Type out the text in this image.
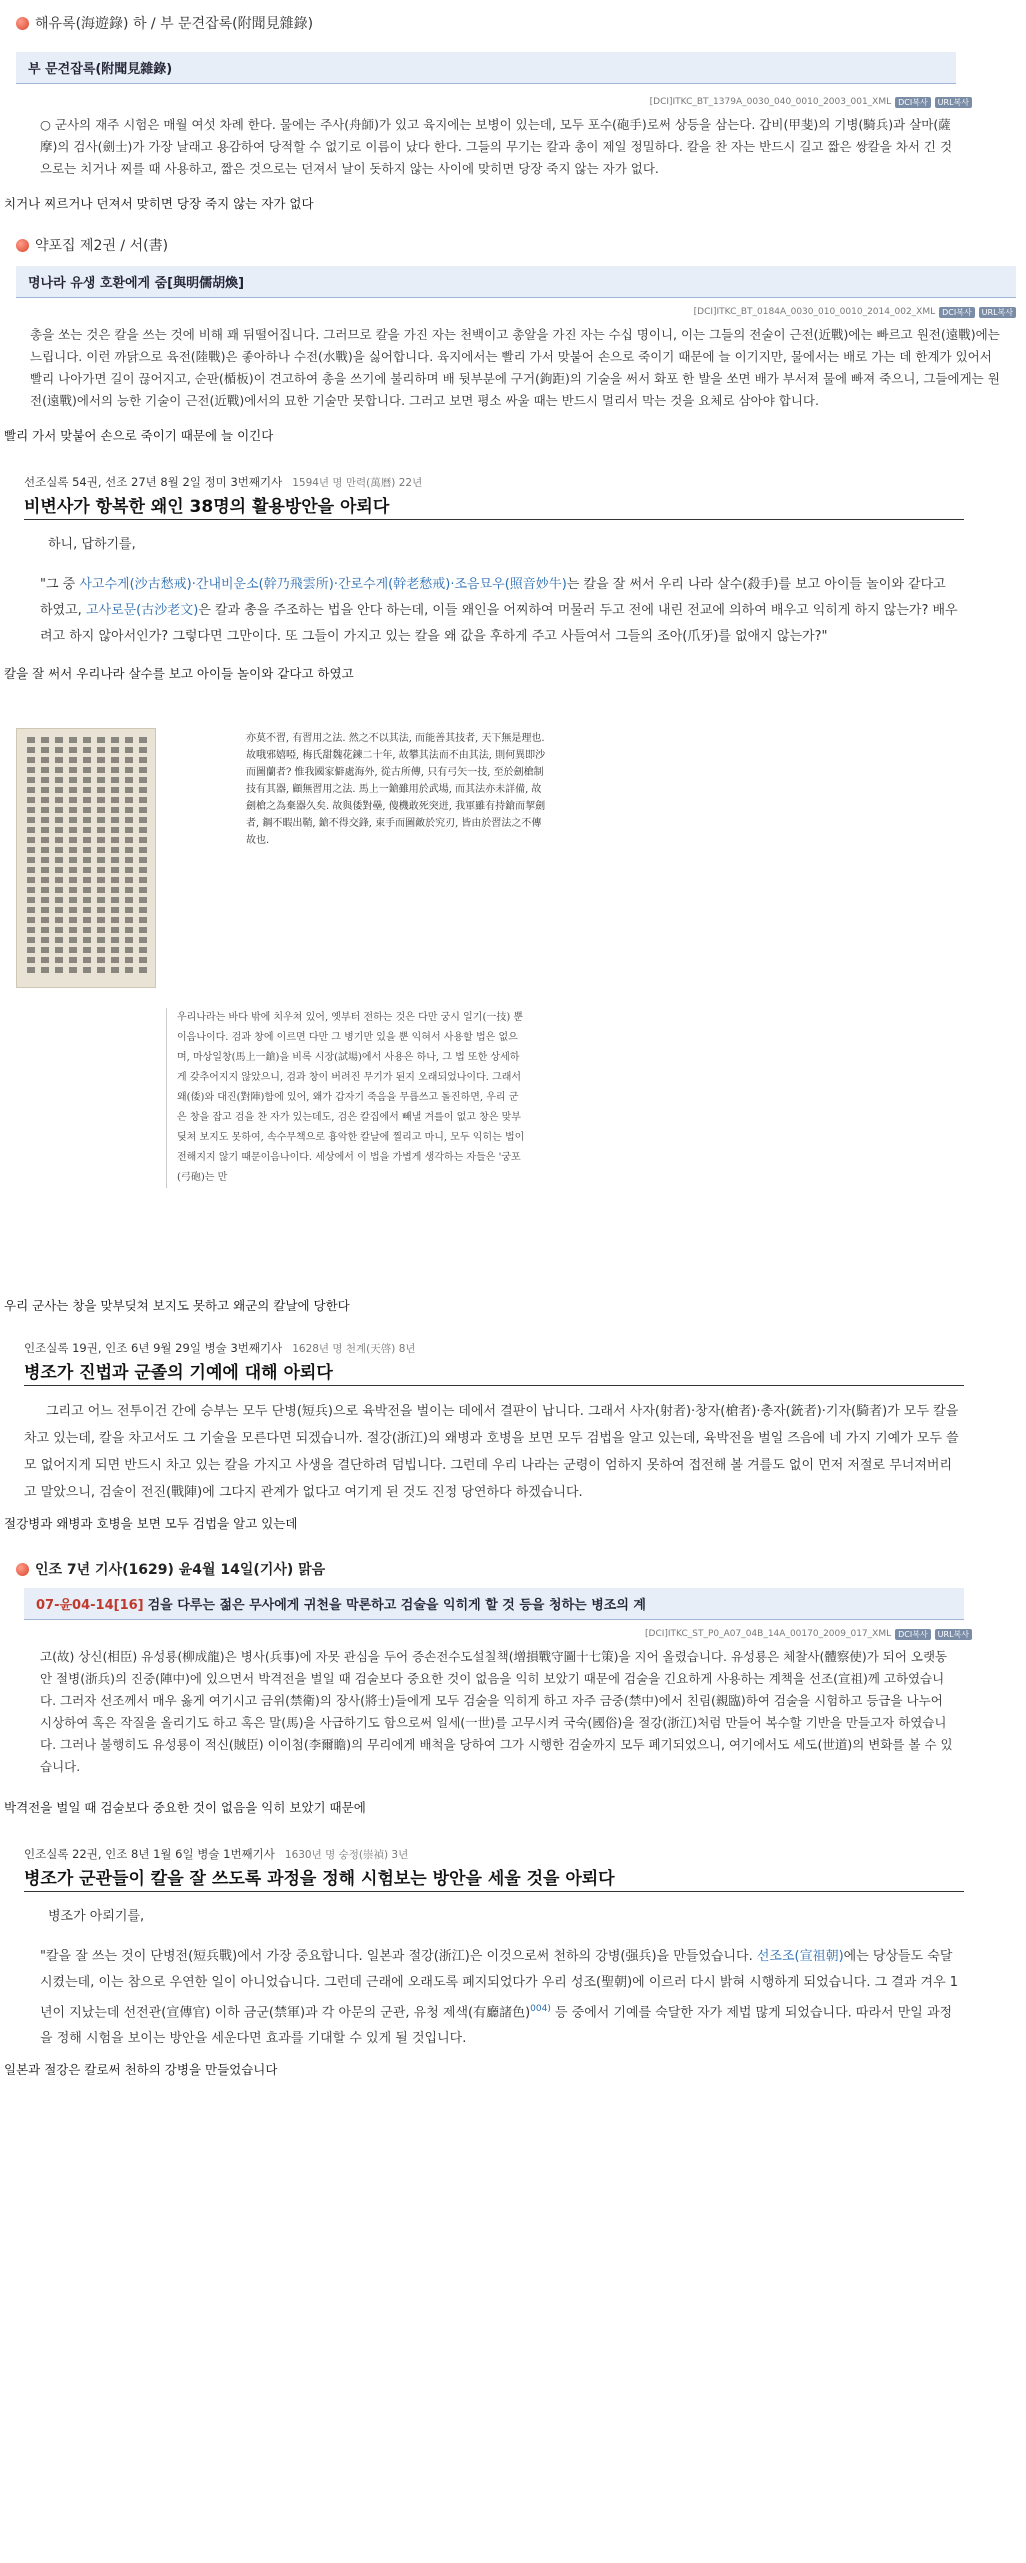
해유록(海遊錄) 하 / 부 문견잡록(附聞見雜錄)
부 문견잡록(附聞見雜錄)
[DCI]ITKC_BT_1379A_0030_040_0010_2003_001_XML DCI복사	URL복사
○ 군사의 재주 시험은 매월 여섯 차례 한다. 물에는 주사(舟師)가 있고 육지에는 보병이 있는데, 모두 포수(砲手)로써 상등을 삼는다. 갑비(甲斐)의 기병(騎兵)과 살마(薩摩)의 검사(劍士)가 가장 날래고 용감하여 당적할 수 없기로 이름이 났다 한다. 그들의 무기는 칼과 총이 제일 정밀하다. 칼을 찬 자는 반드시 길고 짧은 쌍칼을 차서 긴 것으로는 치거나 찌를 때 사용하고, 짧은 것으로는 던져서 날이 돗하지 않는 사이에 맞히면 당장 죽지 않는 자가 없다.
치거나 찌르거나 던져서 맞히면 당장 죽지 않는 자가 없다
약포집 제2권 / 서(書)
명나라 유생 호환에게 줌[與明儒胡煥]
[DCI]ITKC_BT_0184A_0030_010_0010_2014_002_XML DCI복사	URL복사
총을 쏘는 것은 칼을 쓰는 것에 비해 꽤 뒤떨어집니다. 그러므로 칼을 가진 자는 천백이고 총알을 가진 자는 수십 명이니, 이는 그들의 전술이 근전(近戰)에는 빠르고 원전(遠戰)에는 느립니다. 이런 까닭으로 육전(陸戰)은 좋아하나 수전(水戰)을 싫어합니다. 육지에서는 빨리 가서 맞붙어 손으로 죽이기 때문에 늘 이기지만, 물에서는 배로 가는 데 한계가 있어서 빨리 나아가면 길이 끊어지고, 순판(楯板)이 견고하여 총을 쓰기에 불리하며 배 뒷부분에 구거(鉤距)의 기술을 써서 화포 한 발을 쏘면 배가 부서져 물에 빠져 죽으니, 그들에게는 원전(遠戰)에서의 능한 기술이 근전(近戰)에서의 묘한 기술만 못합니다. 그러고 보면 평소 싸울 때는 반드시 멀리서 막는 것을 요체로 삼아야 합니다.
빨리 가서 맞붙어 손으로 죽이기 때문에 늘 이긴다
선조실록 54권, 선조 27년 8월 2일 정미 3번째기사 1594년 명 만력(萬曆) 22년
비변사가 항복한 왜인 38명의 활용방안을 아뢰다
하니, 답하기를,
"그 중 사고수게(沙古愁戒)·간내비운소(幹乃飛雲所)·간로수게(幹老愁戒)·조음묘우(照音妙牛)는 칼을 잘 써서 우리 나라 살수(殺手)를 보고 아이들 놀이와 같다고 하였고, 고사로문(古沙老文)은 칼과 총을 주조하는 법을 안다 하는데, 이들 왜인을 어찌하여 머물러 두고 전에 내린 전교에 의하여 배우고 익히게 하지 않는가? 배우려고 하지 않아서인가? 그렇다면 그만이다. 또 그들이 가지고 있는 칼을 왜 값을 후하게 주고 사들여서 그들의 조아(爪牙)를 없애지 않는가?"
칼을 잘 써서 우리나라 살수를 보고 아이들 놀이와 같다고 하였고
亦莫不習, 有習用之法. 然之不以其法, 而能善其技者, 天下無是理也. 故哦邪嬉啞, 梅氏甜魏花鍊二十年, 故攀其法而不由其法, 則何異即沙而圖蘭者? 惟我國家僻處海外, 從古所傳, 只有弓矢一技, 至於劍槍制技有其器, 顧無習用之法. 馬上一鎗雖用於武場, 而其法亦未詳備, 故劍槍之為棄器久矣. 故與倭對壘, 傻機敢死突迸, 我軍雖有持鎗而挈劍者, 鋼不暇出鞘, 鎗不得交鋒, 束手而圖敵於究刃, 皆由於習法之不傳故也.
우리나라는 바다 밖에 치우쳐 있어, 옛부터 전하는 것은 다만 궁시 일기(一技) 뿐이음나이다. 검과 창에 이르면 다만 그 병기만 있을 뿐 익혀서 사용할 법은 없으며, 마상일창(馬上一鎗)을 비록 시장(試場)에서 사용은 하나, 그 법 또한 상세하게 갖추어지지 않았으니, 검과 창이 버려진 무기가 된지 오래되었나이다. 그래서 왜(倭)와 대진(對陣)함에 있어, 왜가 갑자기 죽음을 무릅쓰고 돌진하면, 우리 군은 창을 잡고 검을 찬 자가 있는데도, 검은 칼집에서 빼낼 겨를이 없고 창은 맞부딪쳐 보지도 못하여, 속수무책으로 흉악한 칼날에 찔리고 마니, 모두 익히는 법이 전해지지 않기 때문이음나이다. 세상에서 이 법을 가볍게 생각하는 자들은 '궁포(弓砲)는 만
우리 군사는 창을 맞부딪쳐 보지도 못하고 왜군의 칼날에 당한다
인조실록 19권, 인조 6년 9월 29일 병술 3번째기사 1628년 명 천계(天啓) 8년
병조가 진법과 군졸의 기예에 대해 아뢰다
그리고 어느 전투이건 간에 승부는 모두 단병(短兵)으로 육박전을 벌이는 데에서 결판이 납니다. 그래서 사자(射者)·창자(槍者)·총자(銃者)·기자(騎者)가 모두 칼을 차고 있는데, 칼을 차고서도 그 기술을 모른다면 되겠습니까. 절강(浙江)의 왜병과 호병을 보면 모두 검법을 알고 있는데, 육박전을 벌일 즈음에 네 가지 기예가 모두 쓸모 없어지게 되면 반드시 차고 있는 칼을 가지고 사생을 결단하려 덤빕니다. 그런데 우리 나라는 군령이 엄하지 못하여 접전해 볼 겨를도 없이 먼저 저절로 무너져버리고 말았으니, 검술이 전진(戰陣)에 그다지 관계가 없다고 여기게 된 것도 진정 당연하다 하겠습니다.
절강병과 왜병과 호병을 보면 모두 검법을 알고 있는데
인조 7년 기사(1629) 윤4월 14일(기사) 맑음
07-윤04-14[16] 검을 다루는 젊은 무사에게 귀천을 막론하고 검술을 익히게 할 것 등을 청하는 병조의 계
[DCI]ITKC_ST_P0_A07_04B_14A_00170_2009_017_XML DCI복사	URL복사
고(故) 상신(相臣) 유성룡(柳成龍)은 병사(兵事)에 자못 관심을 두어 증손전수도설칠책(增損戰守圖十七策)을 지어 올렸습니다. 유성룡은 체찰사(體察使)가 되어 오랫동안 절병(浙兵)의 진중(陣中)에 있으면서 박격전을 벌일 때 검술보다 중요한 것이 없음을 익히 보았기 때문에 검술을 긴요하게 사용하는 계책을 선조(宣祖)께 고하였습니다. 그러자 선조께서 매우 옳게 여기시고 금위(禁衛)의 장사(將士)들에게 모두 검술을 익히게 하고 자주 금중(禁中)에서 친림(親臨)하여 검술을 시험하고 등급을 나누어 시상하여 혹은 작질을 올리기도 하고 혹은 말(馬)을 사급하기도 함으로써 일세(一世)를 고무시켜 국숙(國俗)을 절강(浙江)처럼 만들어 복수할 기반을 만들고자 하였습니다. 그러나 불행히도 유성룡이 적신(賊臣) 이이첨(李爾瞻)의 무리에게 배척을 당하여 그가 시행한 검술까지 모두 폐기되었으니, 여기에서도 세도(世道)의 변화를 볼 수 있습니다.
박격전을 벌일 때 검술보다 중요한 것이 없음을 익히 보았기 때문에
인조실록 22권, 인조 8년 1월 6일 병술 1번째기사 1630년 명 숭정(崇禎) 3년
병조가 군관들이 칼을 잘 쓰도록 과정을 정해 시험보는 방안을 세울 것을 아뢰다
병조가 아뢰기를,
"칼을 잘 쓰는 것이 단병전(短兵戰)에서 가장 중요합니다. 일본과 절강(浙江)은 이것으로써 천하의 강병(强兵)을 만들었습니다. 선조조(宣祖朝)에는 당상들도 숙달시켰는데, 이는 참으로 우연한 일이 아니었습니다. 그런데 근래에 오래도록 폐지되었다가 우리 성조(聖朝)에 이르러 다시 밝혀 시행하게 되었습니다. 그 결과 겨우 1년이 지났는데 선전관(宣傳官) 이하 금군(禁軍)과 각 아문의 군관, 유청 제색(有廳諸色)$^{004)}$ 등 중에서 기예를 숙달한 자가 제법 많게 되었습니다. 따라서 만일 과정을 정해 시험을 보이는 방안을 세운다면 효과를 기대할 수 있게 될 것입니다.
일본과 절강은 칼로써 천하의 강병을 만들었습니다
